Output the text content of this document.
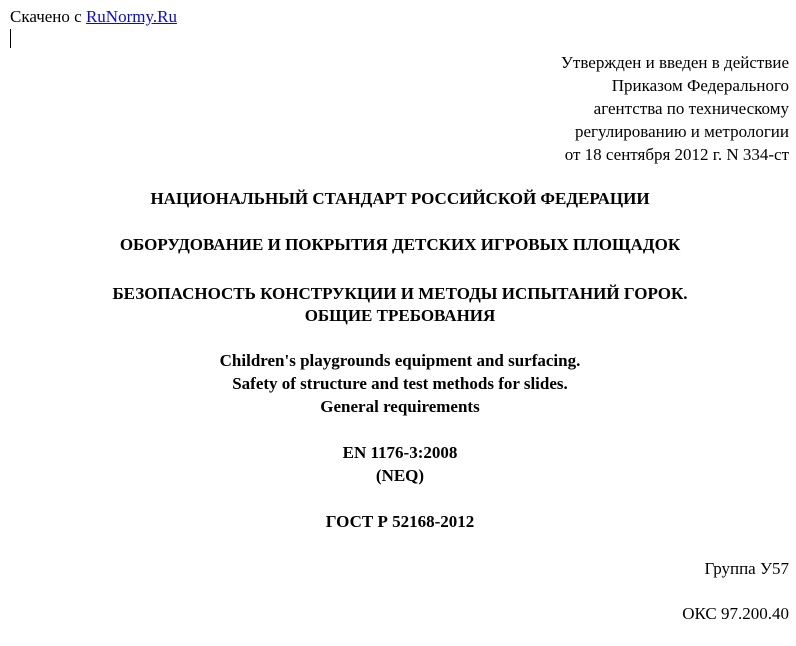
Скачено с RuNormy.Ru
Утвержден и введен в действие
Приказом Федерального
агентства по техническому
регулированию и метрологии
от 18 сентября 2012 г. N 334-ст
НАЦИОНАЛЬНЫЙ СТАНДАРТ РОССИЙСКОЙ ФЕДЕРАЦИИ
ОБОРУДОВАНИЕ И ПОКРЫТИЯ ДЕТСКИХ ИГРОВЫХ ПЛОЩАДОК
БЕЗОПАСНОСТЬ КОНСТРУКЦИИ И МЕТОДЫ ИСПЫТАНИЙ ГОРОК.
ОБЩИЕ ТРЕБОВАНИЯ
Children's playgrounds equipment and surfacing.
Safety of structure and test methods for slides.
General requirements
EN 1176-3:2008
(NEQ)
ГОСТ Р 52168-2012
Группа У57
ОКС 97.200.40
